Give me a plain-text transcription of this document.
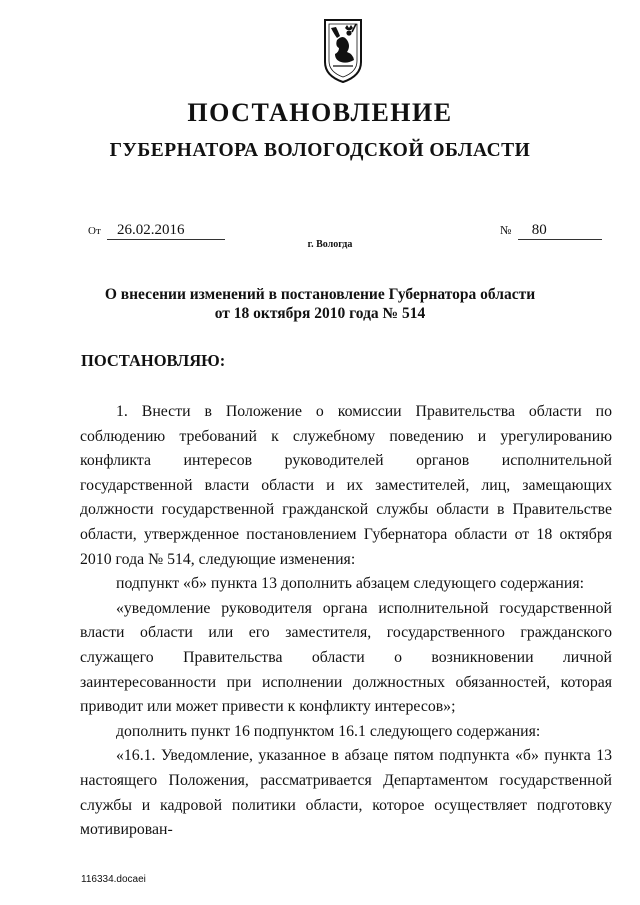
ПОСТАНОВЛЕНИЕ
ГУБЕРНАТОРА ВОЛОГОДСКОЙ ОБЛАСТИ
От 26.02.2016	№ 80
г. Вологда
О внесении изменений в постановление Губернатора области
от 18 октября 2010 года № 514
ПОСТАНОВЛЯЮ:

1. Внести в Положение о комиссии Правительства области по соблюдению требований к служебному поведению и урегулированию конфликта интересов руководителей органов исполнительной государственной власти области и их заместителей, лиц, замещающих должности государственной гражданской службы области в Правительстве области, утвержденное постановлением Губернатора области от 18 октября 2010 года № 514, следующие изменения:

подпункт «б» пункта 13 дополнить абзацем следующего содержания:

«уведомление руководителя органа исполнительной государственной власти области или его заместителя, государственного гражданского служащего Правительства области о возникновении личной заинтересованности при исполнении должностных обязанностей, которая приводит или может привести к конфликту интересов»;

дополнить пункт 16 подпунктом 16.1 следующего содержания:

«16.1. Уведомление, указанное в абзаце пятом подпункта «б» пункта 13 настоящего Положения, рассматривается Департаментом государственной службы и кадровой политики области, которое осуществляет подготовку мотивирован-

116334.docaei
